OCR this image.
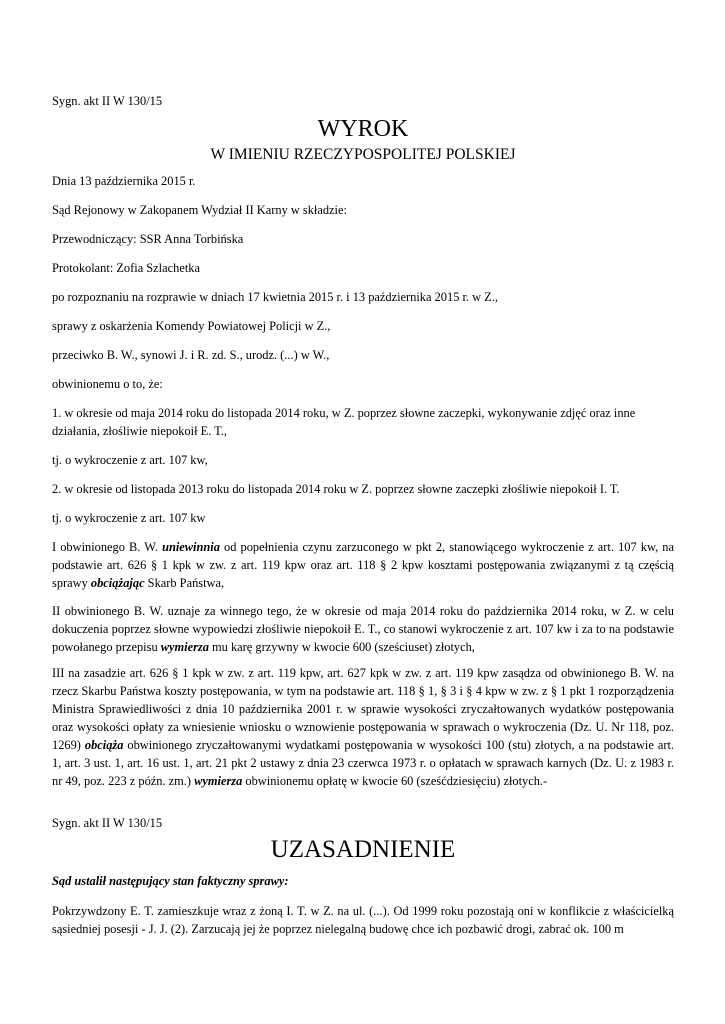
Sygn. akt II W 130/15

WYROK

W IMIENIU RZECZYPOSPOLITEJ POLSKIEJ

Dnia 13 października 2015 r.

Sąd Rejonowy w Zakopanem Wydział II Karny w składzie:

Przewodniczący: SSR Anna Torbińska

Protokolant: Zofia Szlachetka

po rozpoznaniu na rozprawie w dniach 17 kwietnia 2015 r. i 13 października 2015 r. w Z.,

sprawy z oskarżenia Komendy Powiatowej Policji w Z.,

przeciwko B. W., synowi J. i R. zd. S., urodz. (...) w W.,

obwinionemu o to, że:

1. w okresie od maja 2014 roku do listopada 2014 roku, w Z. poprzez słowne zaczepki, wykonywanie zdjęć oraz inne działania, złośliwie niepokoił E. T.,

tj. o wykroczenie z art. 107 kw,

2. w okresie od listopada 2013 roku do listopada 2014 roku w Z. poprzez słowne zaczepki złośliwie niepokoił I. T.

tj. o wykroczenie z art. 107 kw

I obwinionego B. W. uniewinnia od popełnienia czynu zarzuconego w pkt 2, stanowiącego wykroczenie z art. 107 kw, na podstawie art. 626 § 1 kpk w zw. z art. 119 kpw oraz art. 118 § 2 kpw kosztami postępowania związanymi z tą częścią sprawy obciążając Skarb Państwa,

II obwinionego B. W. uznaje za winnego tego, że w okresie od maja 2014 roku do października 2014 roku, w Z. w celu dokuczenia poprzez słowne wypowiedzi złośliwie niepokoił E. T., co stanowi wykroczenie z art. 107 kw i za to na podstawie powołanego przepisu wymierza mu karę grzywny w kwocie 600 (sześciuset) złotych,

III na zasadzie art. 626 § 1 kpk w zw. z art. 119 kpw, art. 627 kpk w zw. z art. 119 kpw zasądza od obwinionego B. W. na rzecz Skarbu Państwa koszty postępowania, w tym na podstawie art. 118 § 1, § 3 i § 4 kpw w zw. z § 1 pkt 1 rozporządzenia Ministra Sprawiedliwości z dnia 10 października 2001 r. w sprawie wysokości zryczałtowanych wydatków postępowania oraz wysokości opłaty za wniesienie wniosku o wznowienie postępowania w sprawach o wykroczenia (Dz. U. Nr 118, poz. 1269) obciąża obwinionego zryczałtowanymi wydatkami postępowania w wysokości 100 (stu) złotych, a na podstawie art. 1, art. 3 ust. 1, art. 16 ust. 1, art. 21 pkt 2 ustawy z dnia 23 czerwca 1973 r. o opłatach w sprawach karnych (Dz. U. z 1983 r. nr 49, poz. 223 z późn. zm.) wymierza obwinionemu opłatę w kwocie 60 (sześćdziesięciu) złotych.-

Sygn. akt II W 130/15

UZASADNIENIE

Sąd ustalił następujący stan faktyczny sprawy:

Pokrzywdzony E. T. zamieszkuje wraz z żoną I. T. w Z. na ul. (...). Od 1999 roku pozostają oni w konflikcie z właścicielką sąsiedniej posesji - J. J. (2). Zarzucają jej że poprzez nielegalną budowę chce ich pozbawić drogi, zabrać ok. 100 m
